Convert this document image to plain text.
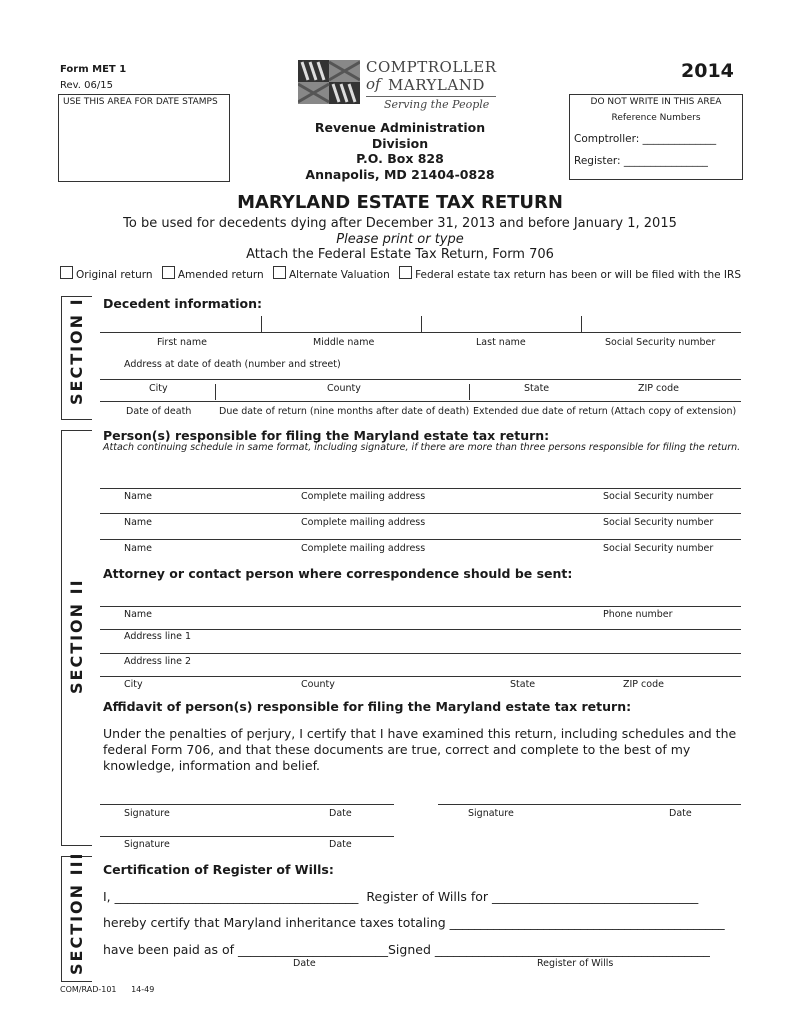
Form MET 1
Rev. 06/15
USE THIS AREA FOR DATE STAMPS
COMPTROLLER
of MARYLAND
Serving the People
Revenue Administration
Division
P.O. Box 828
Annapolis, MD 21404-0828
2014
DO NOT WRITE IN THIS AREA
Reference Numbers
Comptroller: ______________
Register: ________________
MARYLAND ESTATE TAX RETURN
To be used for decedents dying after December 31, 2013 and before January 1, 2015
Please print or type
Attach the Federal Estate Tax Return, Form 706
Original return Amended return Alternate Valuation Federal estate tax return has been or will be filed with the IRS
SECTION I Decedent information:
First name	Middle name	Last name	Social Security number
Address at date of death (number and street)
City	County	State	ZIP code
Date of death	Due date of return (nine months after date of death) Extended due date of return (Attach copy of extension)
SECTION II
Person(s) responsible for filing the Maryland estate tax return:
Attach continuing schedule in same format, including signature, if there are more than three persons responsible for filing the return.
Name	Complete mailing address	Social Security number
Name	Complete mailing address	Social Security number
Name	Complete mailing address	Social Security number
Attorney or contact person where correspondence should be sent:
Name	Phone number
Address line 1
Address line 2
City	County	State	ZIP code
Affidavit of person(s) responsible for filing the Maryland estate tax return:
Under the penalties of perjury, I certify that I have examined this return, including schedules and the federal Form 706, and that these documents are true, correct and complete to the best of my knowledge, information and belief.
Signature	Date	Signature	Date
Signature	Date
SECTION III Certification of Register of Wills:
I, _______________________________________ Register of Wills for _________________________________
hereby certify that Maryland inheritance taxes totaling ____________________________________________
have been paid as of ________________________Signed ____________________________________________
Date	Register of Wills
COM/RAD-101 14-49
